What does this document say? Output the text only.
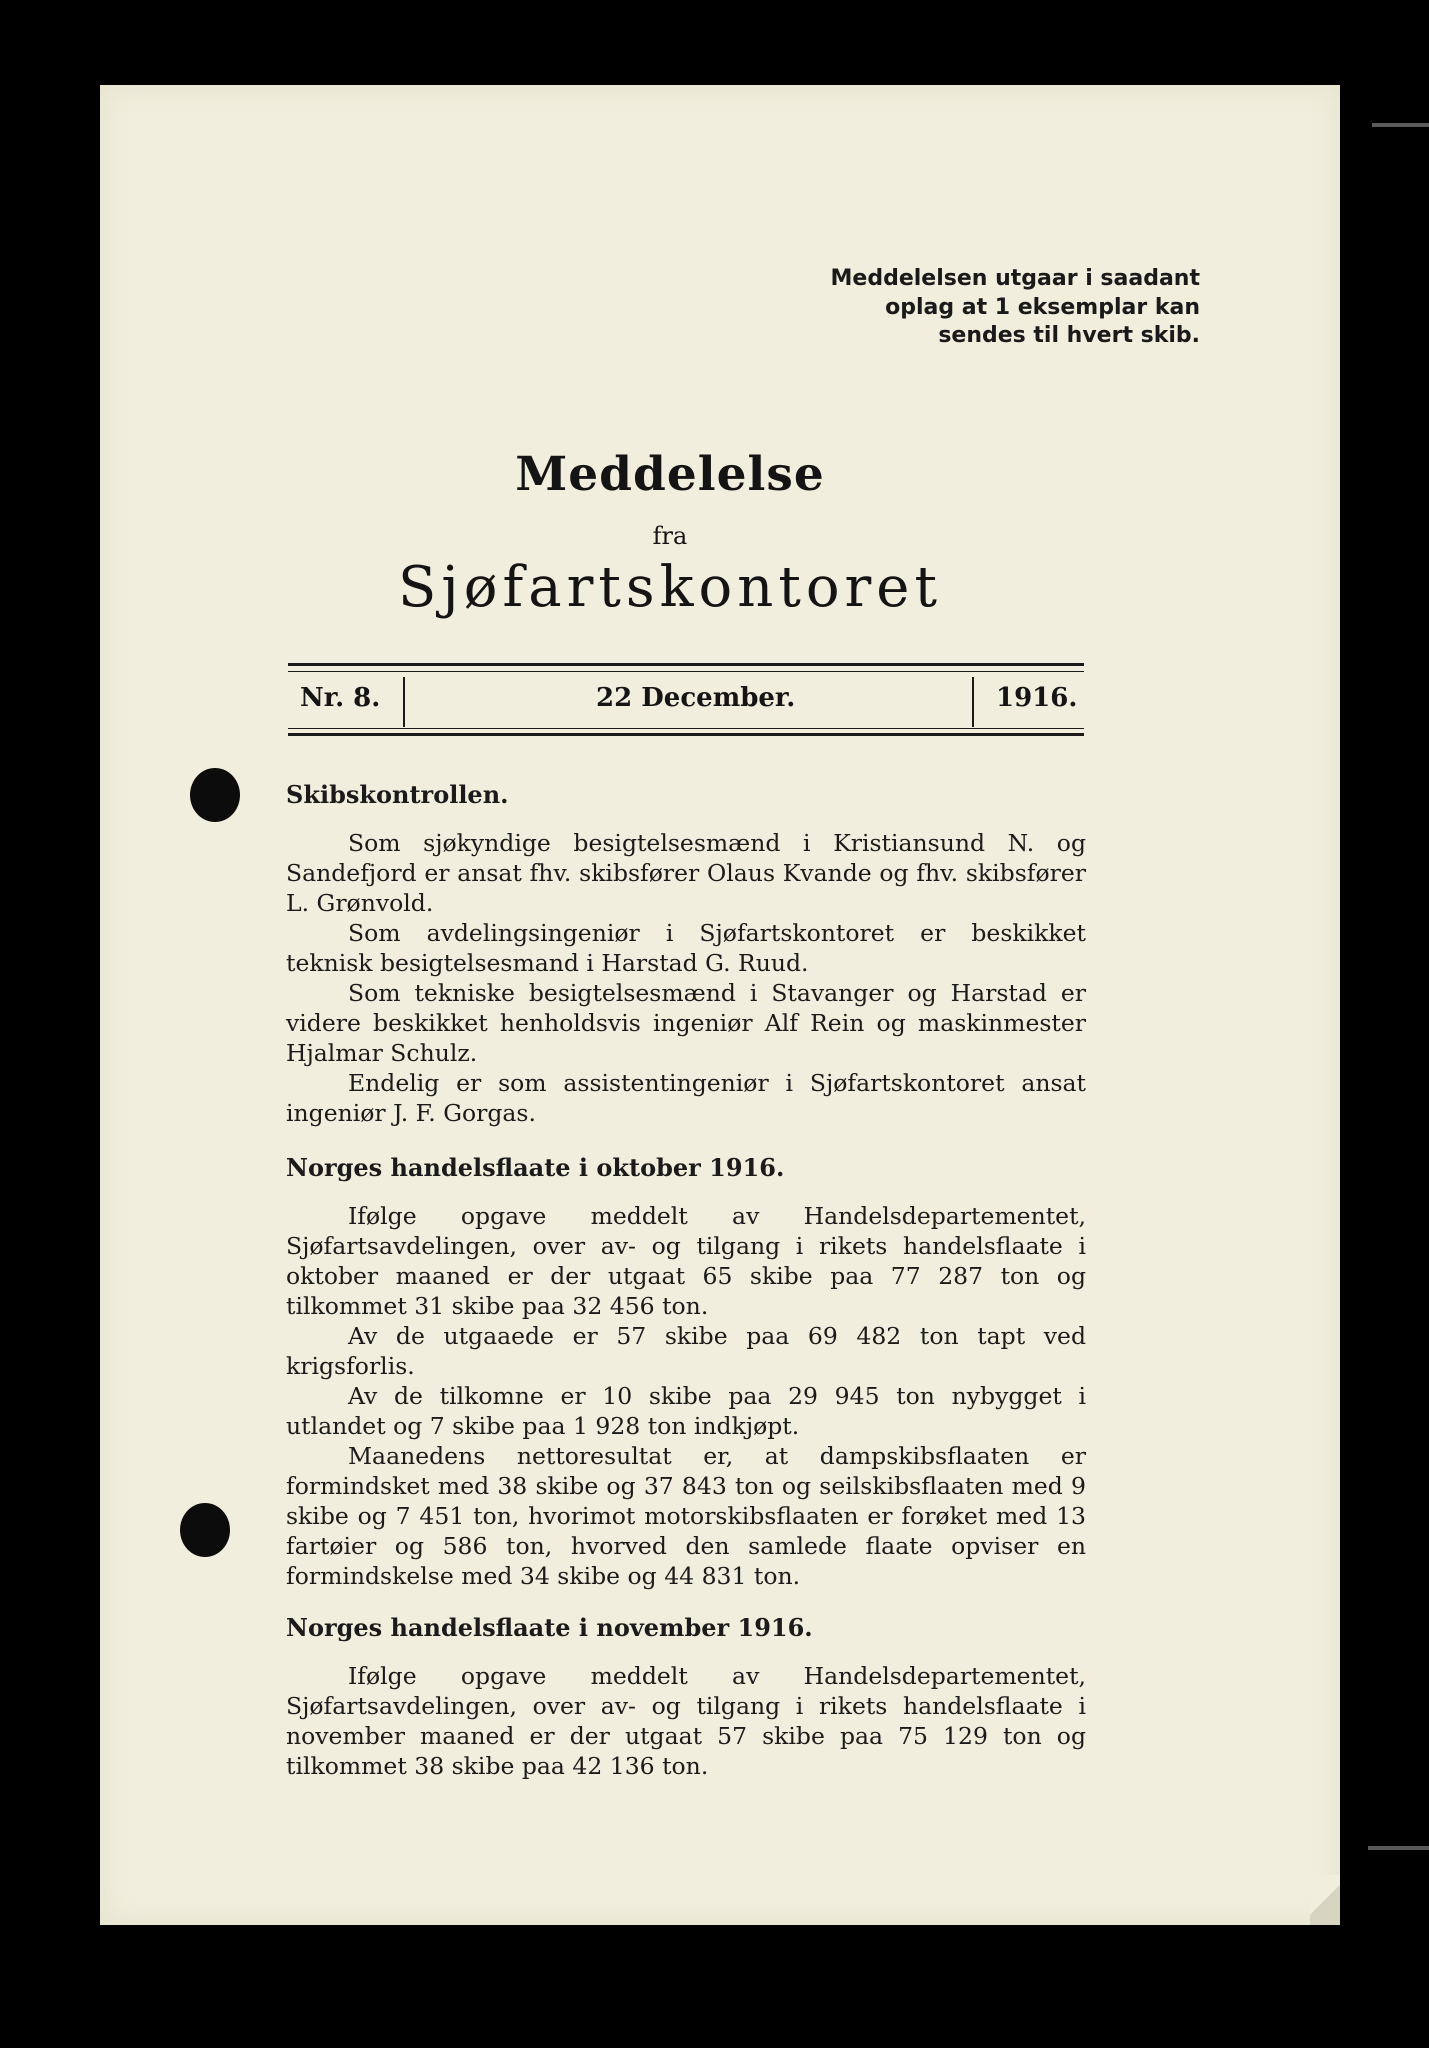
Meddelelsen utgaar i saadant
oplag at 1 eksemplar kan
sendes til hvert skib.

Meddelelse
fra
Sjøfartskontoret
Nr. 8.	22 December.	1916.
Skibskontrollen.

Som sjøkyndige besigtelsesmænd i Kristiansund N. og Sandefjord er ansat fhv. skibsfører Olaus Kvande og fhv. skibsfører L. Grønvold.

Som avdelingsingeniør i Sjøfartskontoret er beskikket teknisk besigtelsesmand i Harstad G. Ruud.

Som tekniske besigtelsesmænd i Stavanger og Harstad er videre beskikket henholdsvis ingeniør Alf Rein og maskinmester Hjalmar Schulz.

Endelig er som assistentingeniør i Sjøfartskontoret ansat ingeniør J. F. Gorgas.

Norges handelsflaate i oktober 1916.

Ifølge opgave meddelt av Handelsdepartementet, Sjøfartsavdelingen, over av- og tilgang i rikets handelsflaate i oktober maaned er der utgaat 65 skibe paa 77 287 ton og tilkommet 31 skibe paa 32 456 ton.

Av de utgaaede er 57 skibe paa 69 482 ton tapt ved krigsforlis.

Av de tilkomne er 10 skibe paa 29 945 ton nybygget i utlandet og 7 skibe paa 1 928 ton indkjøpt.

Maanedens nettoresultat er, at dampskibsflaaten er formindsket med 38 skibe og 37 843 ton og seilskibsflaaten med 9 skibe og 7 451 ton, hvorimot motorskibsflaaten er forøket med 13 fartøier og 586 ton, hvorved den samlede flaate opviser en formindskelse med 34 skibe og 44 831 ton.

Norges handelsflaate i november 1916.

Ifølge opgave meddelt av Handelsdepartementet, Sjøfartsavdelingen, over av- og tilgang i rikets handelsflaate i november maaned er der utgaat 57 skibe paa 75 129 ton og tilkommet 38 skibe paa 42 136 ton.
